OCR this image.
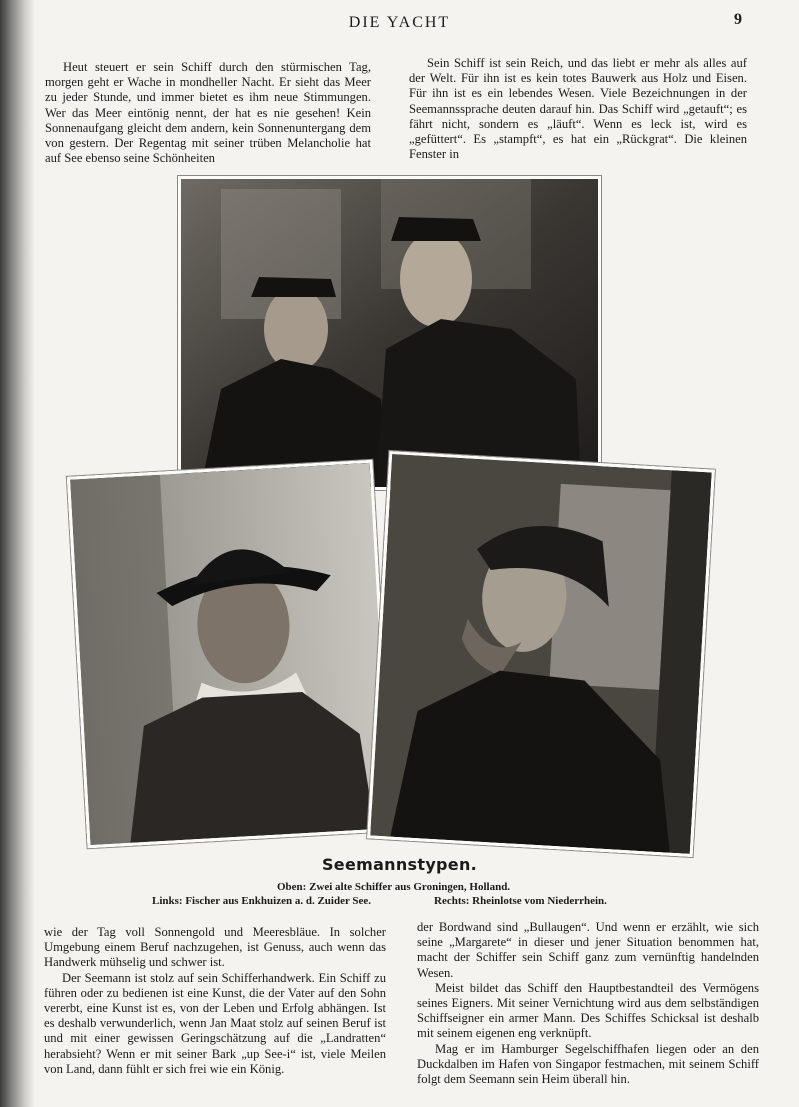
DIE YACHT	9

Heut steuert er sein Schiff durch den stürmischen Tag, morgen geht er Wache in mondheller Nacht. Er sieht das Meer zu jeder Stunde, und immer bietet es ihm neue Stimmungen. Wer das Meer eintönig nennt, der hat es nie gesehen! Kein Sonnenaufgang gleicht dem andern, kein Sonnenuntergang dem von gestern. Der Regentag mit seiner trüben Melancholie hat auf See ebenso seine Schönheiten

Sein Schiff ist sein Reich, und das liebt er mehr als alles auf der Welt. Für ihn ist es kein totes Bauwerk aus Holz und Eisen. Für ihn ist es ein lebendes Wesen. Viele Bezeichnungen in der Seemannssprache deuten darauf hin. Das Schiff wird „getauft“; es fährt nicht, sondern es „läuft“. Wenn es leck ist, wird es „gefüttert“. Es „stampft“, es hat ein „Rückgrat“. Die kleinen Fenster in

Seemannstypen.
Oben: Zwei alte Schiffer aus Groningen, Holland.
Links: Fischer aus Enkhuizen a. d. Zuider See.	Rechts: Rheinlotse vom Niederrhein.

wie der Tag voll Sonnengold und Meeresbläue. In solcher Umgebung einem Beruf nachzugehen, ist Genuss, auch wenn das Handwerk mühselig und schwer ist.

Der Seemann ist stolz auf sein Schifferhandwerk. Ein Schiff zu führen oder zu bedienen ist eine Kunst, die der Vater auf den Sohn vererbt, eine Kunst ist es, von der Leben und Erfolg abhängen. Ist es deshalb verwunderlich, wenn Jan Maat stolz auf seinen Beruf ist und mit einer gewissen Geringschätzung auf die „Landratten“ herabsieht? Wenn er mit seiner Bark „up See-i“ ist, viele Meilen von Land, dann fühlt er sich frei wie ein König.

der Bordwand sind „Bullaugen“. Und wenn er erzählt, wie sich seine „Margarete“ in dieser und jener Situation benommen hat, macht der Schiffer sein Schiff ganz zum vernünftig handelnden Wesen.

Meist bildet das Schiff den Hauptbestandteil des Vermögens seines Eigners. Mit seiner Vernichtung wird aus dem selbständigen Schiffseigner ein armer Mann. Des Schiffes Schicksal ist deshalb mit seinem eigenen eng verknüpft.

Mag er im Hamburger Segelschiffhafen liegen oder an den Duckdalben im Hafen von Singapor festmachen, mit seinem Schiff folgt dem Seemann sein Heim überall hin.
